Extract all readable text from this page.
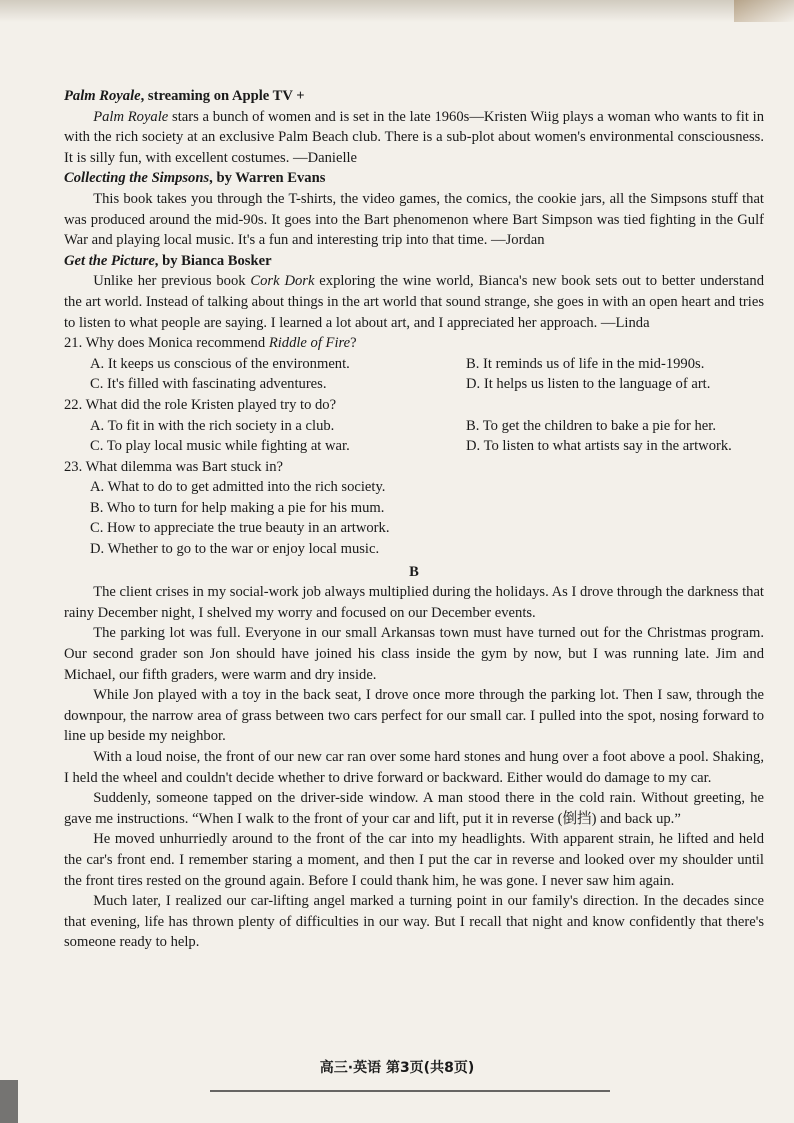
Palm Royale, streaming on Apple TV +

Palm Royale stars a bunch of women and is set in the late 1960s—Kristen Wiig plays a woman who wants to fit in with the rich society at an exclusive Palm Beach club. There is a sub-plot about women's environmental consciousness. It is silly fun, with excellent costumes. —Danielle

Collecting the Simpsons, by Warren Evans

This book takes you through the T-shirts, the video games, the comics, the cookie jars, all the Simpsons stuff that was produced around the mid-90s. It goes into the Bart phenomenon where Bart Simpson was tied fighting in the Gulf War and playing local music. It's a fun and interesting trip into that time. —Jordan

Get the Picture, by Bianca Bosker

Unlike her previous book Cork Dork exploring the wine world, Bianca's new book sets out to better understand the art world. Instead of talking about things in the art world that sound strange, she goes in with an open heart and tries to listen to what people are saying. I learned a lot about art, and I appreciated her approach. —Linda

21. Why does Monica recommend Riddle of Fire?

A. It keeps us conscious of the environment.	B. It reminds us of life in the mid-1990s.

C. It's filled with fascinating adventures.	D. It helps us listen to the language of art.

22. What did the role Kristen played try to do?

A. To fit in with the rich society in a club.	B. To get the children to bake a pie for her.

C. To play local music while fighting at war.	D. To listen to what artists say in the artwork.

23. What dilemma was Bart stuck in?

A. What to do to get admitted into the rich society.

B. Who to turn for help making a pie for his mum.

C. How to appreciate the true beauty in an artwork.

D. Whether to go to the war or enjoy local music.

B

The client crises in my social-work job always multiplied during the holidays. As I drove through the darkness that rainy December night, I shelved my worry and focused on our December events.

The parking lot was full. Everyone in our small Arkansas town must have turned out for the Christmas program. Our second grader son Jon should have joined his class inside the gym by now, but I was running late. Jim and Michael, our fifth graders, were warm and dry inside.

While Jon played with a toy in the back seat, I drove once more through the parking lot. Then I saw, through the downpour, the narrow area of grass between two cars perfect for our small car. I pulled into the spot, nosing forward to line up beside my neighbor.

With a loud noise, the front of our new car ran over some hard stones and hung over a foot above a pool. Shaking, I held the wheel and couldn't decide whether to drive forward or backward. Either would do damage to my car.

Suddenly, someone tapped on the driver-side window. A man stood there in the cold rain. Without greeting, he gave me instructions. “When I walk to the front of your car and lift, put it in reverse (倒挡) and back up.”

He moved unhurriedly around to the front of the car into my headlights. With apparent strain, he lifted and held the car's front end. I remember staring a moment, and then I put the car in reverse and looked over my shoulder until the front tires rested on the ground again. Before I could thank him, he was gone. I never saw him again.

Much later, I realized our car-lifting angel marked a turning point in our family's direction. In the decades since that evening, life has thrown plenty of difficulties in our way. But I recall that night and know confidently that there's someone ready to help.

高三·英语 第3页(共8页)
